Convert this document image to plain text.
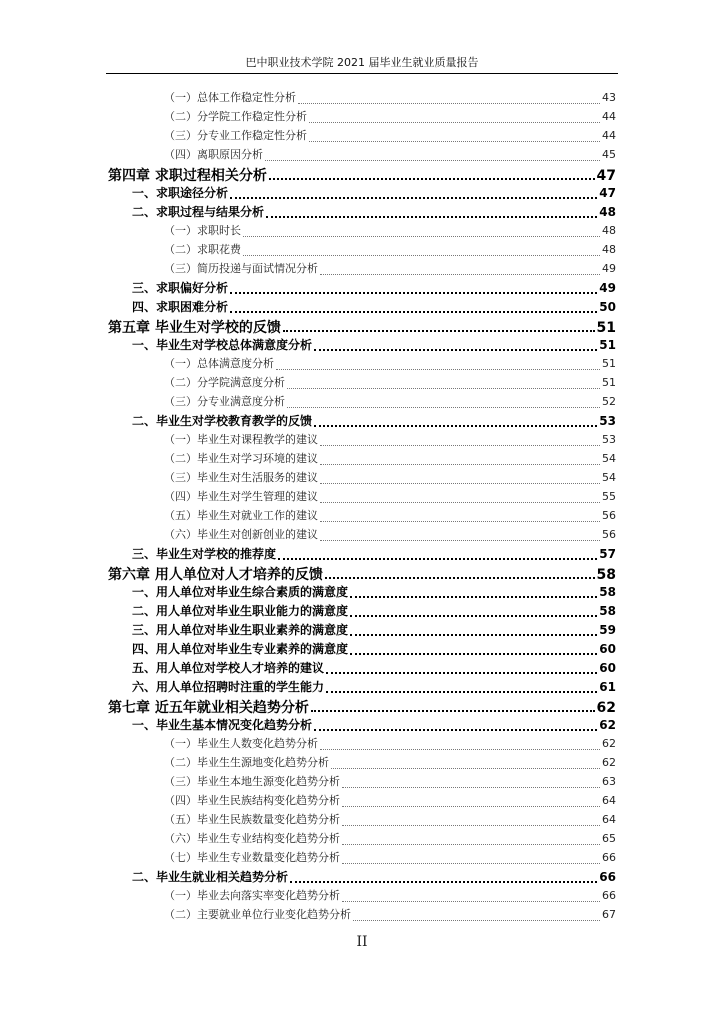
巴中职业技术学院 2021 届毕业生就业质量报告
（一）总体工作稳定性分析	43
（二）分学院工作稳定性分析	44
（三）分专业工作稳定性分析	44
（四）离职原因分析	45
第四章 求职过程相关分析	47
一、求职途径分析	47
二、求职过程与结果分析	48
（一）求职时长	48
（二）求职花费	48
（三）简历投递与面试情况分析	49
三、求职偏好分析	49
四、求职困难分析	50
第五章 毕业生对学校的反馈	51
一、毕业生对学校总体满意度分析	51
（一）总体满意度分析	51
（二）分学院满意度分析	51
（三）分专业满意度分析	52
二、毕业生对学校教育教学的反馈	53
（一）毕业生对课程教学的建议	53
（二）毕业生对学习环境的建议	54
（三）毕业生对生活服务的建议	54
（四）毕业生对学生管理的建议	55
（五）毕业生对就业工作的建议	56
（六）毕业生对创新创业的建议	56
三、毕业生对学校的推荐度	57
第六章 用人单位对人才培养的反馈	58
一、用人单位对毕业生综合素质的满意度	58
二、用人单位对毕业生职业能力的满意度	58
三、用人单位对毕业生职业素养的满意度	59
四、用人单位对毕业生专业素养的满意度	60
五、用人单位对学校人才培养的建议	60
六、用人单位招聘时注重的学生能力	61
第七章 近五年就业相关趋势分析	62
一、毕业生基本情况变化趋势分析	62
（一）毕业生人数变化趋势分析	62
（二）毕业生生源地变化趋势分析	62
（三）毕业生本地生源变化趋势分析	63
（四）毕业生民族结构变化趋势分析	64
（五）毕业生民族数量变化趋势分析	64
（六）毕业生专业结构变化趋势分析	65
（七）毕业生专业数量变化趋势分析	66
二、毕业生就业相关趋势分析	66
（一）毕业去向落实率变化趋势分析	66
（二）主要就业单位行业变化趋势分析	67
II
